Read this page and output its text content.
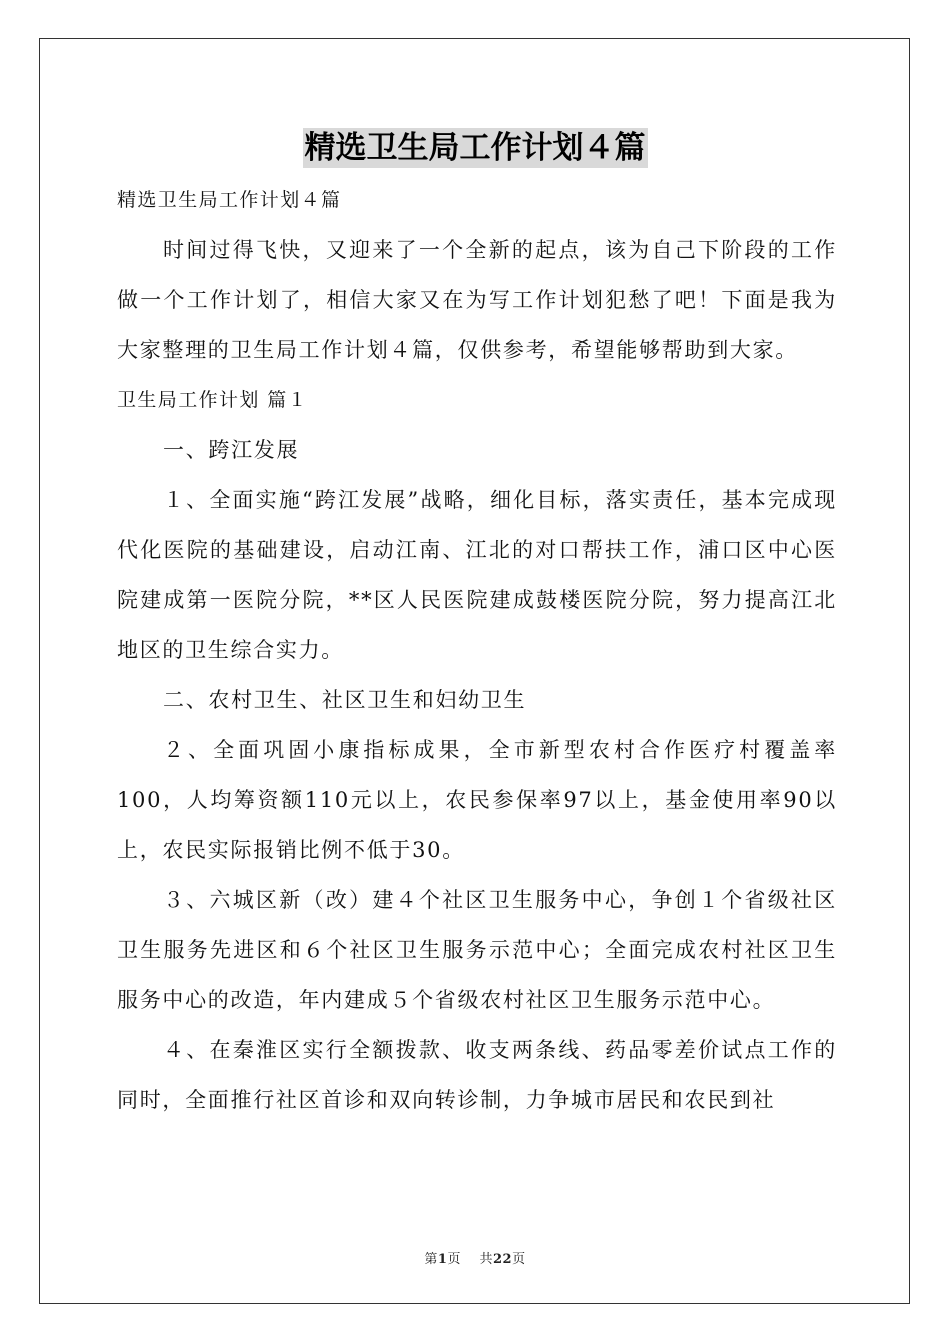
精选卫生局工作计划４篇

精选卫生局工作计划４篇

时间过得飞快，又迎来了一个全新的起点，该为自己下阶段的工作做一个工作计划了，相信大家又在为写工作计划犯愁了吧！下面是我为大家整理的卫生局工作计划４篇，仅供参考，希望能够帮助到大家。

卫生局工作计划 篇１

一、跨江发展

１、全面实施“跨江发展”战略，细化目标，落实责任，基本完成现代化医院的基础建设，启动江南、江北的对口帮扶工作，浦口区中心医院建成第一医院分院，**区人民医院建成鼓楼医院分院，努力提高江北地区的卫生综合实力。

二、农村卫生、社区卫生和妇幼卫生

２、全面巩固小康指标成果，全市新型农村合作医疗村覆盖率100，人均筹资额110元以上，农民参保率97以上，基金使用率90以上，农民实际报销比例不低于30。

３、六城区新（改）建４个社区卫生服务中心，争创１个省级社区卫生服务先进区和６个社区卫生服务示范中心；全面完成农村社区卫生服务中心的改造，年内建成５个省级农村社区卫生服务示范中心。

４、在秦淮区实行全额拨款、收支两条线、药品零差价试点工作的同时，全面推行社区首诊和双向转诊制，力争城市居民和农民到社

第1页 共22页
